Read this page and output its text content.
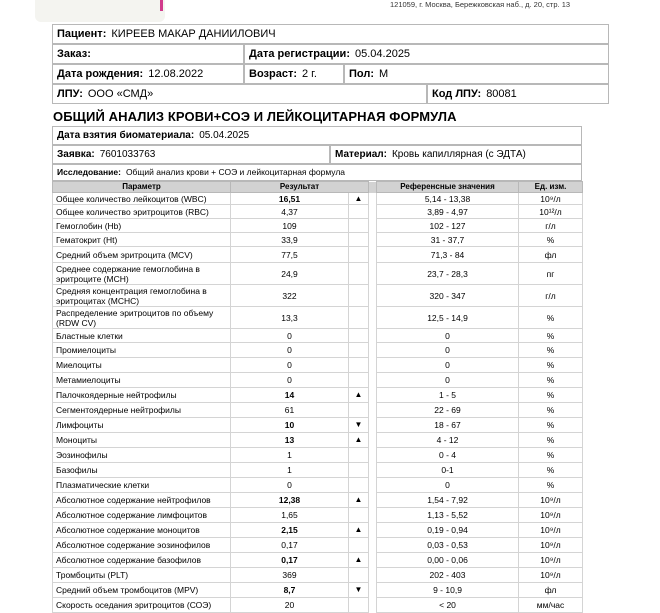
121059, г. Москва, Бережковская наб., д. 20, стр. 13
Пациент: КИРЕЕВ МАКАР ДАНИИЛОВИЧ
Заказ:	Дата регистрации: 05.04.2025
Дата рождения: 12.08.2022	Возраст: 2 г.	Пол: М
ЛПУ: ООО «СМД»	Код ЛПУ: 80081
ОБЩИЙ АНАЛИЗ КРОВИ+СОЭ И ЛЕЙКОЦИТАРНАЯ ФОРМУЛА
Дата взятия биоматериала: 05.04.2025
Заявка: 7601033763	Материал: Кровь капиллярная (с ЭДТА)
Исследование: Общий анализ крови + СОЭ и лейкоцитарная формула
Параметр	Результат			Референсные значения	Ед. изм.
Общее количество лейкоцитов (WBC)	16,51	▲		5,14 - 13,38	10⁹/л
Общее количество эритроцитов (RBC)	4,37			3,89 - 4,97	10¹²/л
Гемоглобин (Hb)	109			102 - 127	г/л
Гематокрит (Ht)	33,9			31 - 37,7	%
Средний объем эритроцита (MCV)	77,5			71,3 - 84	фл
Среднее содержание гемоглобина в эритроците (MCH)	24,9			23,7 - 28,3	пг
Средняя концентрация гемоглобина в эритроцитах (MCHC)	322			320 - 347	г/л
Распределение эритроцитов по объему (RDW CV)	13,3			12,5 - 14,9	%
Бластные клетки	0			0	%
Промиелоциты	0			0	%
Миелоциты	0			0	%
Метамиелоциты	0			0	%
Палочкоядерные нейтрофилы	14	▲		1 - 5	%
Сегментоядерные нейтрофилы	61			22 - 69	%
Лимфоциты	10	▼		18 - 67	%
Моноциты	13	▲		4 - 12	%
Эозинофилы	1			0 - 4	%
Базофилы	1			0-1	%
Плазматические клетки	0			0	%
Абсолютное содержание нейтрофилов	12,38	▲		1,54 - 7,92	10⁹/л
Абсолютное содержание лимфоцитов	1,65			1,13 - 5,52	10⁹/л
Абсолютное содержание моноцитов	2,15	▲		0,19 - 0,94	10⁹/л
Абсолютное содержание эозинофилов	0,17			0,03 - 0,53	10⁹/л
Абсолютное содержание базофилов	0,17	▲		0,00 - 0,06	10⁹/л
Тромбоциты (PLT)	369			202 - 403	10⁹/л
Средний объем тромбоцитов (MPV)	8,7	▼		9 - 10,9	фл
Скорость оседания эритроцитов (СОЭ)	20			< 20	мм/час
